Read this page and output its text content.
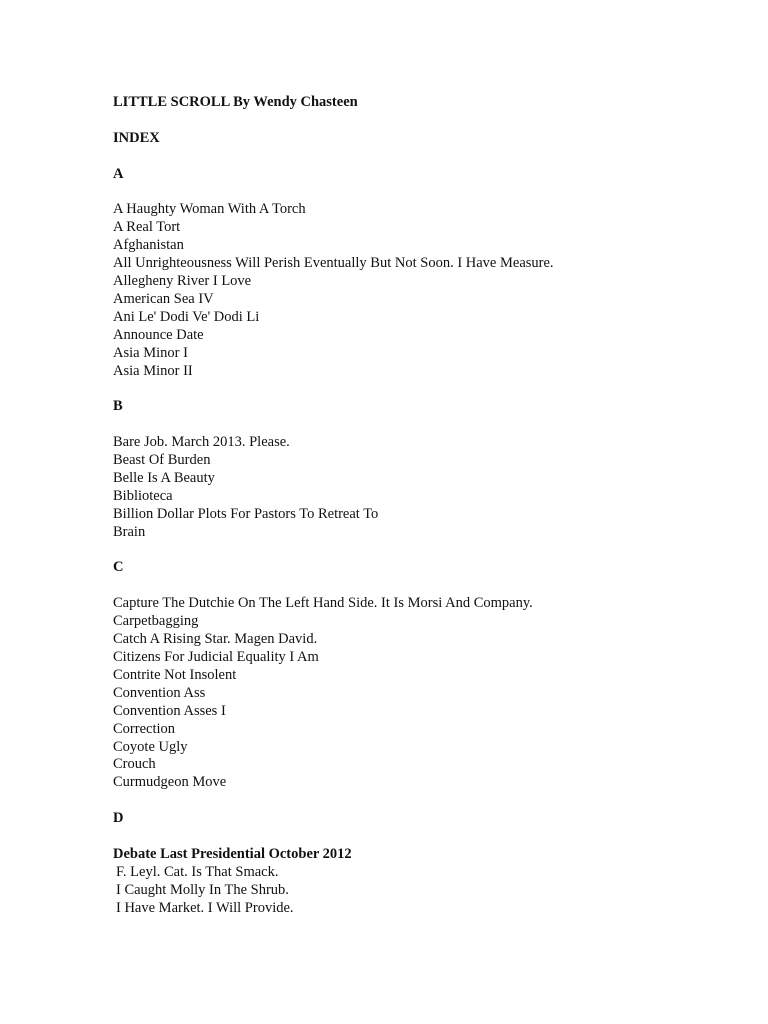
LITTLE SCROLL By Wendy Chasteen
INDEX
A
A Haughty Woman With A Torch
A Real Tort
Afghanistan
All Unrighteousness Will Perish Eventually But Not Soon. I Have Measure.
Allegheny River I Love
American Sea IV
Ani Le' Dodi Ve' Dodi Li
Announce Date
Asia Minor I
Asia Minor II
B
Bare Job. March 2013. Please.
Beast Of Burden
Belle Is A Beauty
Biblioteca
Billion Dollar Plots For Pastors To Retreat To
Brain
C
Capture The Dutchie On The Left Hand Side. It Is Morsi And Company.
Carpetbagging
Catch A Rising Star. Magen David.
Citizens For Judicial Equality I Am
Contrite Not Insolent
Convention Ass
Convention Asses I
Correction
Coyote Ugly
Crouch
Curmudgeon Move
D
Debate Last Presidential October 2012
F. Leyl. Cat. Is That Smack.
I Caught Molly In The Shrub.
I Have Market. I Will Provide.
